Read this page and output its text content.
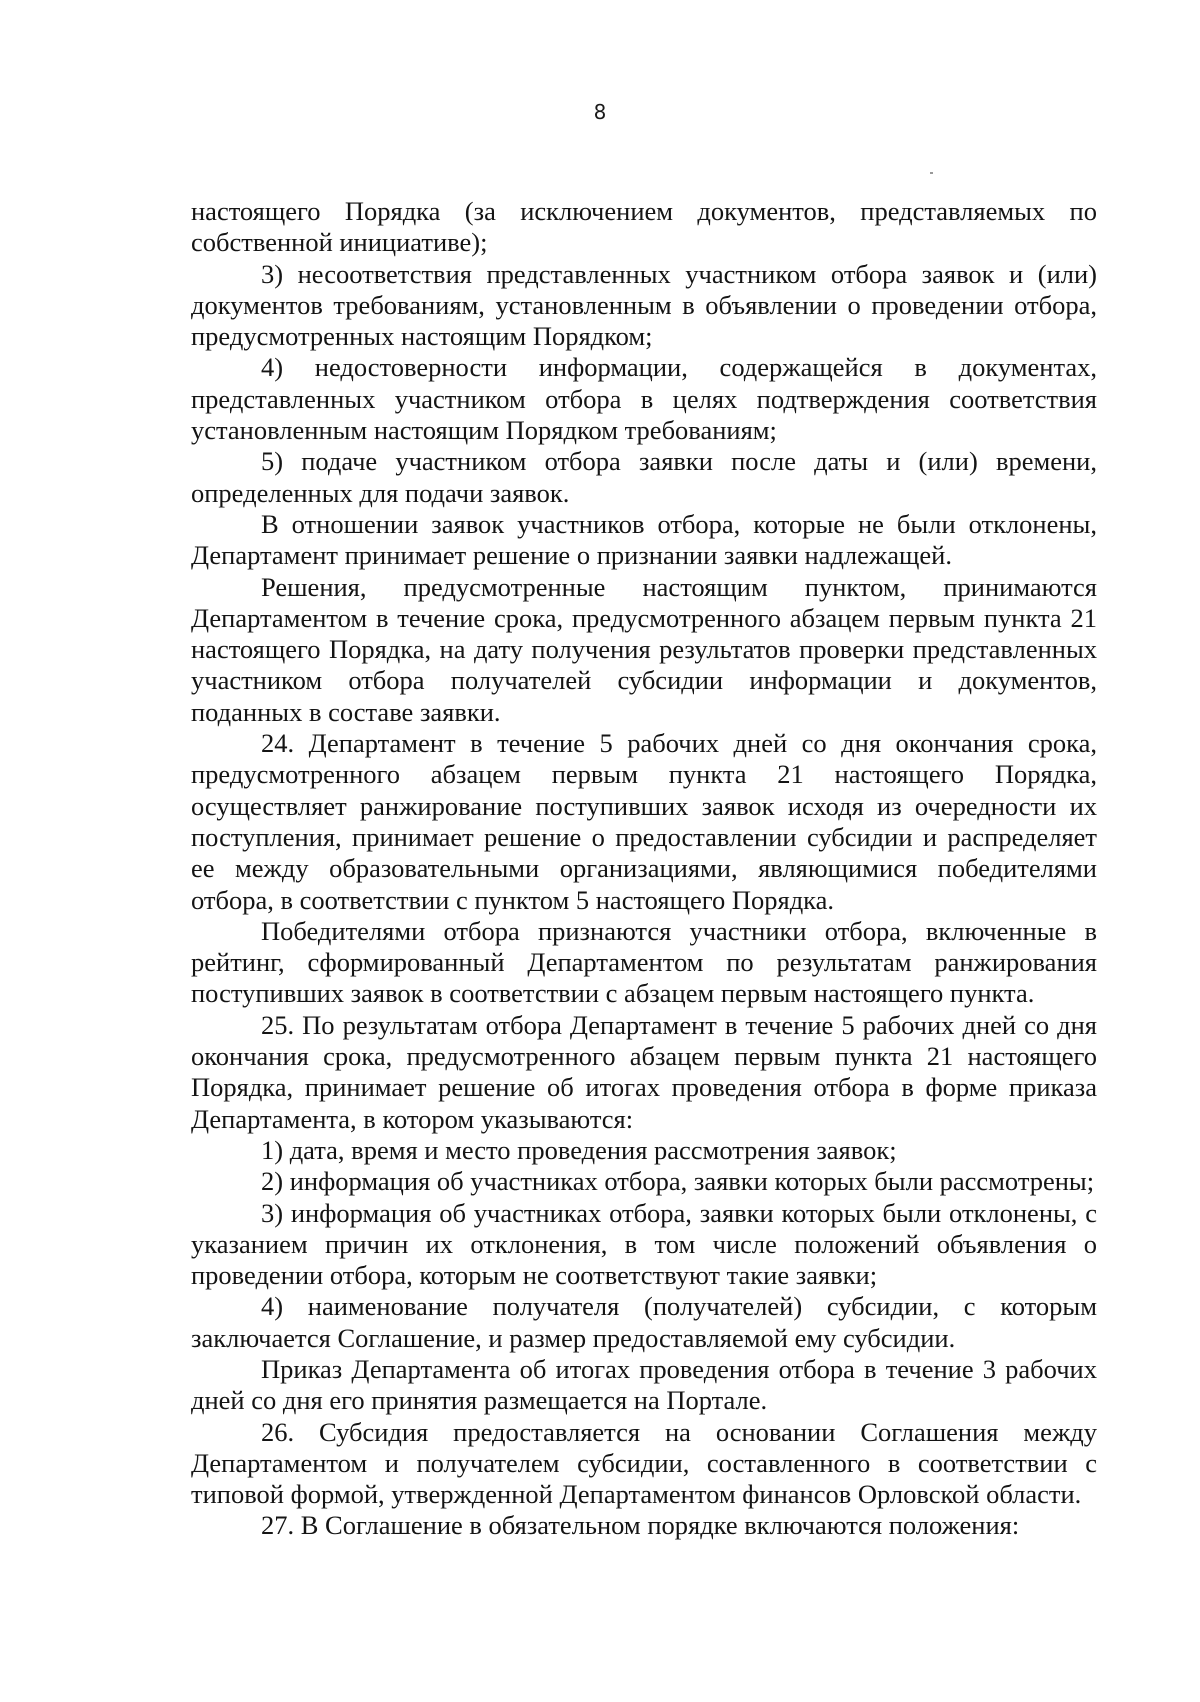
8

настоящего Порядка (за исключением документов, представляемых по собственной инициативе);

3) несоответствия представленных участником отбора заявок и (или) документов требованиям, установленным в объявлении о проведении отбора, предусмотренных настоящим Порядком;

4) недостоверности информации, содержащейся в документах, представленных участником отбора в целях подтверждения соответствия установленным настоящим Порядком требованиям;

5) подаче участником отбора заявки после даты и (или) времени, определенных для подачи заявок.

В отношении заявок участников отбора, которые не были отклонены, Департамент принимает решение о признании заявки надлежащей.

Решения, предусмотренные настоящим пунктом, принимаются Департаментом в течение срока, предусмотренного абзацем первым пункта 21 настоящего Порядка, на дату получения результатов проверки представленных участником отбора получателей субсидии информации и документов, поданных в составе заявки.

24. Департамент в течение 5 рабочих дней со дня окончания срока, предусмотренного абзацем первым пункта 21 настоящего Порядка, осуществляет ранжирование поступивших заявок исходя из очередности их поступления, принимает решение о предоставлении субсидии и распределяет ее между образовательными организациями, являющимися победителями отбора, в соответствии с пунктом 5 настоящего Порядка.

Победителями отбора признаются участники отбора, включенные в рейтинг, сформированный Департаментом по результатам ранжирования поступивших заявок в соответствии с абзацем первым настоящего пункта.

25. По результатам отбора Департамент в течение 5 рабочих дней со дня окончания срока, предусмотренного абзацем первым пункта 21 настоящего Порядка, принимает решение об итогах проведения отбора в форме приказа Департамента, в котором указываются:

1) дата, время и место проведения рассмотрения заявок;

2) информация об участниках отбора, заявки которых были рассмотрены;

3) информация об участниках отбора, заявки которых были отклонены, с указанием причин их отклонения, в том числе положений объявления о проведении отбора, которым не соответствуют такие заявки;

4) наименование получателя (получателей) субсидии, с которым заключается Соглашение, и размер предоставляемой ему субсидии.

Приказ Департамента об итогах проведения отбора в течение 3 рабочих дней со дня его принятия размещается на Портале.

26. Субсидия предоставляется на основании Соглашения между Департаментом и получателем субсидии, составленного в соответствии с типовой формой, утвержденной Департаментом финансов Орловской области.

27. В Соглашение в обязательном порядке включаются положения:
